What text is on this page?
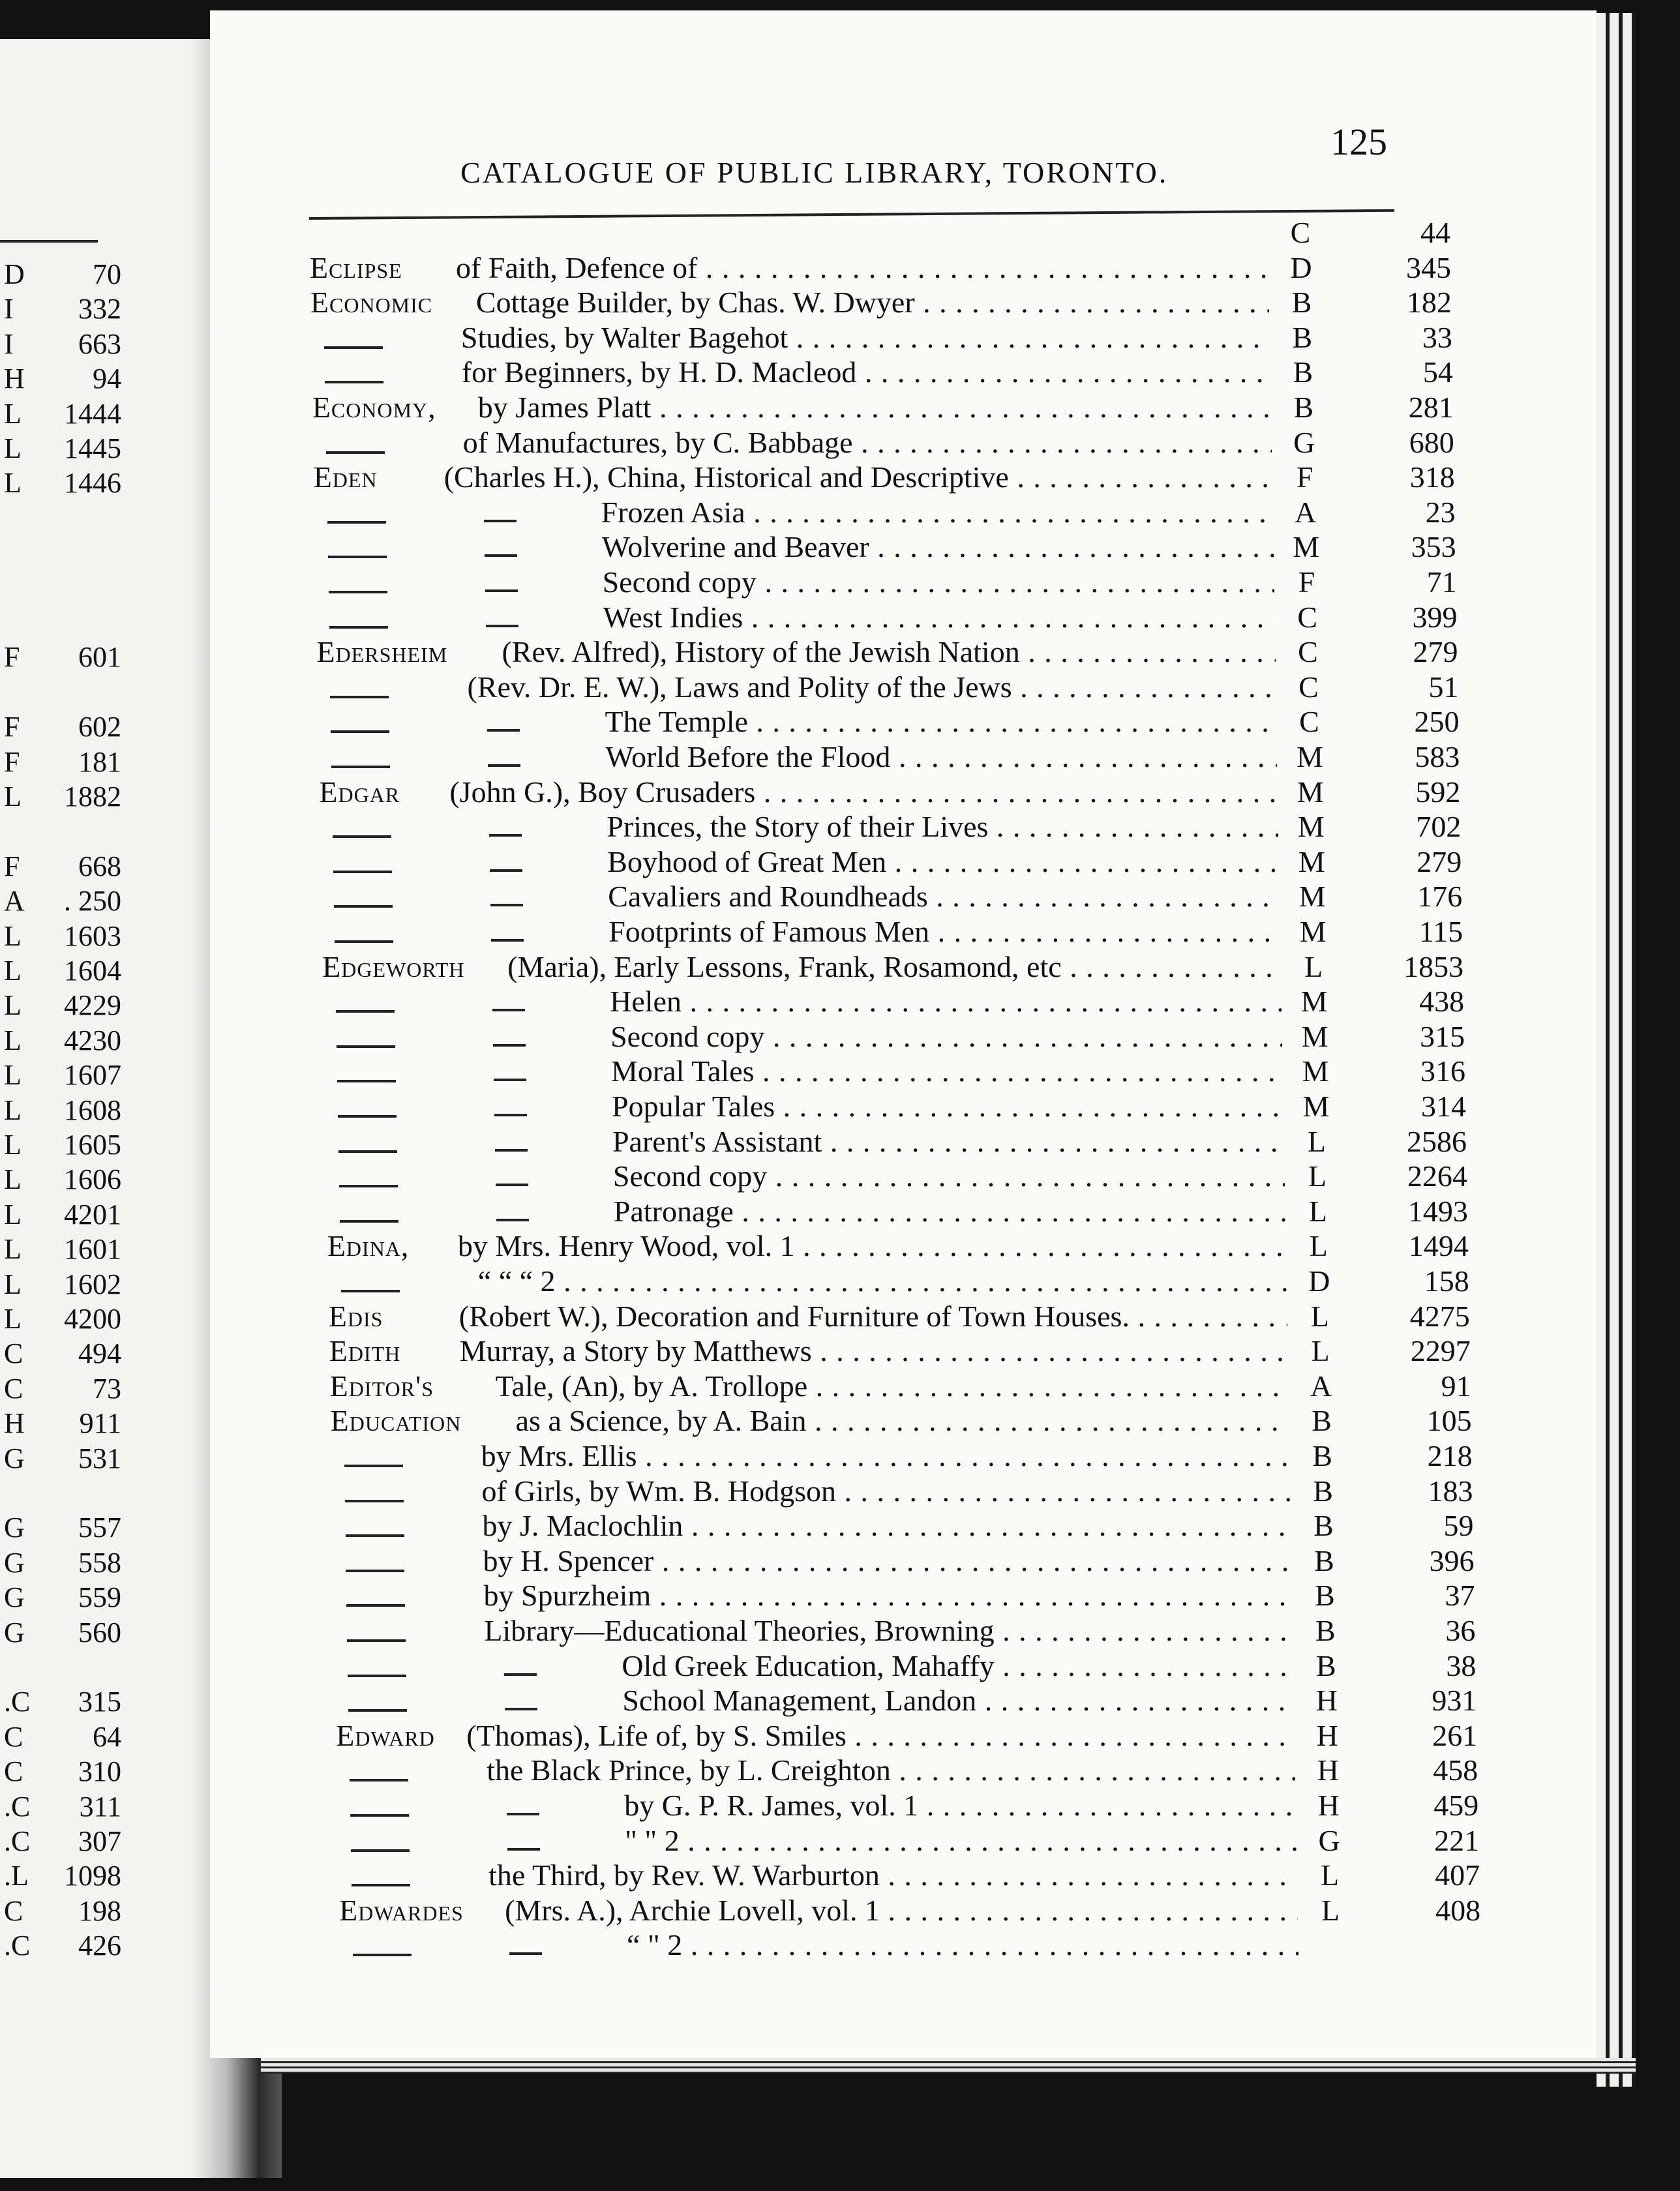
D 70
I 332
I 663
H 94
L 1444
L 1445
L 1446
F 601
F 602
F 181
L 1882
F 668
A . 250
L 1603
L 1604
L 4229
L 4230
L 1607
L 1608
L 1605
L 1606
L 4201
L 1601
L 1602
L 4200
C 494
C 73
H 911
G 531
G 557
G 558
G 559
G 560
.C 315
C 64
C 310
.C 311
.C 307
.L 1098
C 198
.C 426
CATALOGUE OF PUBLIC LIBRARY, TORONTO.
125
C	44
Eclipse of Faith, Defence of . . .	D	345
Economic Cottage Builder, by Chas. W. Dwyer . . .	B	182
Studies, by Walter Bagehot . . .	B	33
for Beginners, by H. D. Macleod . . .	B	54
Economy, by James Platt . . .	B	281
of Manufactures, by C. Babbage . . .	G	680
Eden (Charles H.), China, Historical and Descriptive . . .	F	318
Frozen Asia . . .	A	23
Wolverine and Beaver . . .	M	353
Second copy . . .	F	71
West Indies . . .	C	399
Edersheim (Rev. Alfred), History of the Jewish Nation . . .	C	279
(Rev. Dr. E. W.), Laws and Polity of the Jews . . .	C	51
The Temple . . .	C	250
World Before the Flood . . .	M	583
Edgar (John G.), Boy Crusaders . . .	M	592
Princes, the Story of their Lives . . .	M	702
Boyhood of Great Men . . .	M	279
Cavaliers and Roundheads . . .	M	176
Footprints of Famous Men . . .	M	115
Edgeworth (Maria), Early Lessons, Frank, Rosamond, etc . . .	L	1853
Helen . . .	M	438
Second copy . . .	M	315
Moral Tales . . .	M	316
Popular Tales . . .	M	314
Parent's Assistant . . .	L	2586
Second copy . . .	L	2264
Patronage . . .	L	1493
Edina, by Mrs. Henry Wood, vol. 1 . . .	L	1494
“ “ “ 2 . . .	D	158
Edis	(Robert W.), Decoration and Furniture of Town Houses. . . .	L	4275
Edith Murray, a Story by Matthews . . .	L	2297
Editor's Tale, (An), by A. Trollope . . .	A	91
Education as a Science, by A. Bain . . .	B	105
by Mrs. Ellis . . .	B	218
of Girls, by Wm. B. Hodgson . . .	B	183
by J. Maclochlin . . .	B	59
by H. Spencer . . .	B	396
by Spurzheim . . .	B	37
Library—Educational Theories, Browning . . .	B	36
Old Greek Education, Mahaffy . . .	B	38
School Management, Landon . . .	H	931
Edward (Thomas), Life of, by S. Smiles . . .	H	261
the Black Prince, by L. Creighton . . .	H	458
by G. P. R. James, vol. 1 . . .	H	459
" " 2 . . .	G	221
the Third, by Rev. W. Warburton . . .	L	407
Edwardes (Mrs. A.), Archie Lovell, vol. 1 . . .	L	408
“ " 2 . . .
